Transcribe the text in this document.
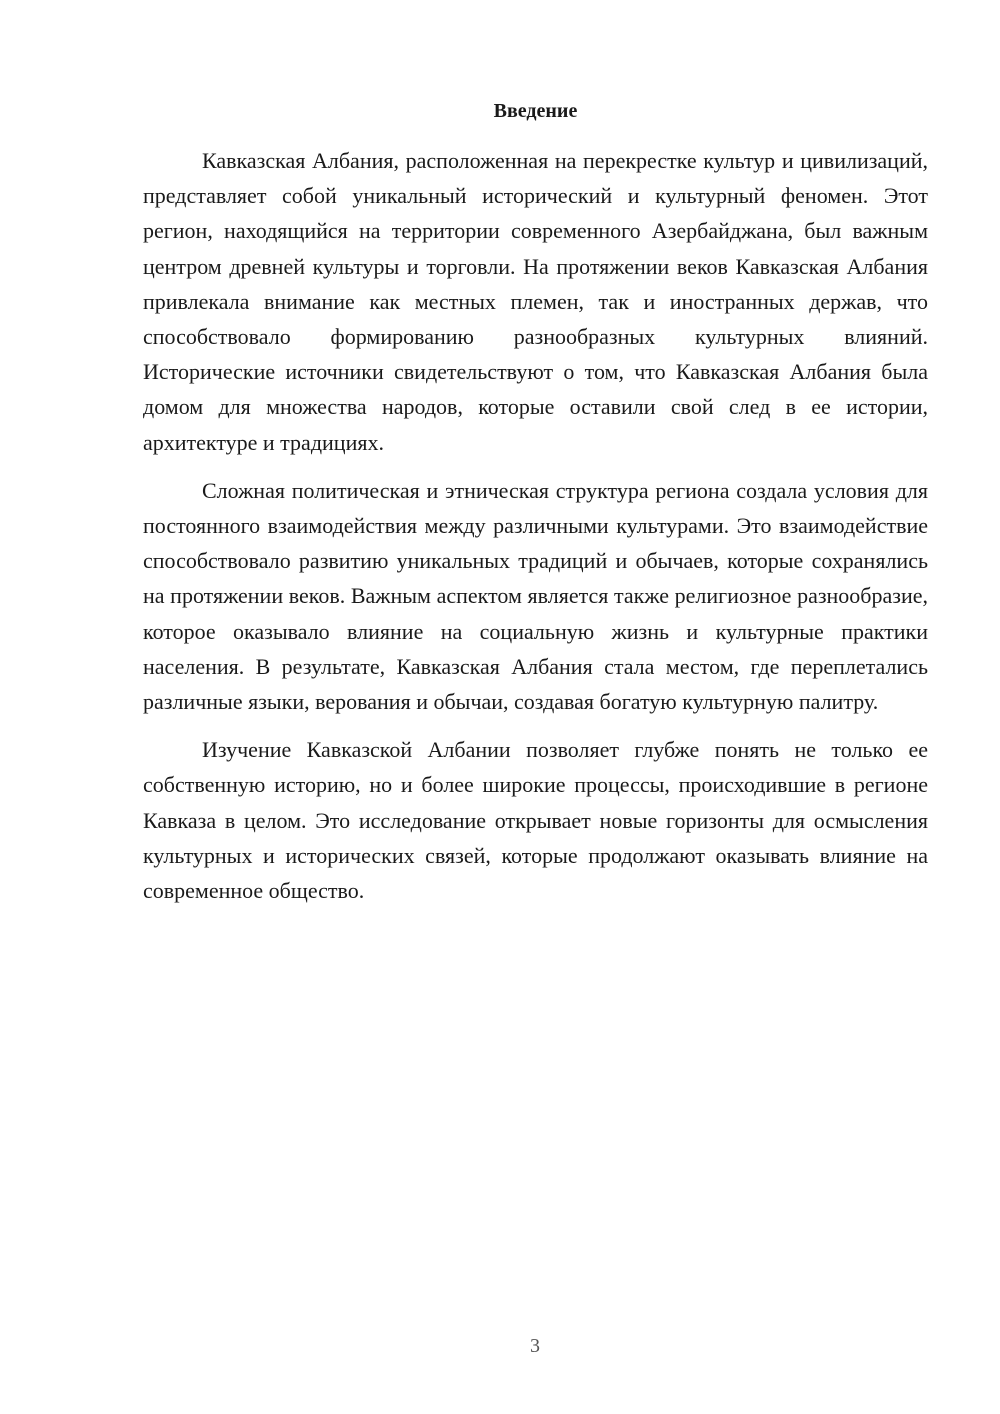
Введение

Кавказская Албания, расположенная на перекрестке культур и цивилизаций, представляет собой уникальный исторический и культурный феномен. Этот регион, находящийся на территории современного Азербайджана, был важным центром древней культуры и торговли. На протяжении веков Кавказская Албания привлекала внимание как местных племен, так и иностранных держав, что способствовало формированию разнообразных культурных влияний. Исторические источники свидетельствуют о том, что Кавказская Албания была домом для множества народов, которые оставили свой след в ее истории, архитектуре и традициях.

Сложная политическая и этническая структура региона создала условия для постоянного взаимодействия между различными культурами. Это взаимодействие способствовало развитию уникальных традиций и обычаев, которые сохранялись на протяжении веков. Важным аспектом является также религиозное разнообразие, которое оказывало влияние на социальную жизнь и культурные практики населения. В результате, Кавказская Албания стала местом, где переплетались различные языки, верования и обычаи, создавая богатую культурную палитру.

Изучение Кавказской Албании позволяет глубже понять не только ее собственную историю, но и более широкие процессы, происходившие в регионе Кавказа в целом. Это исследование открывает новые горизонты для осмысления культурных и исторических связей, которые продолжают оказывать влияние на современное общество.

3
